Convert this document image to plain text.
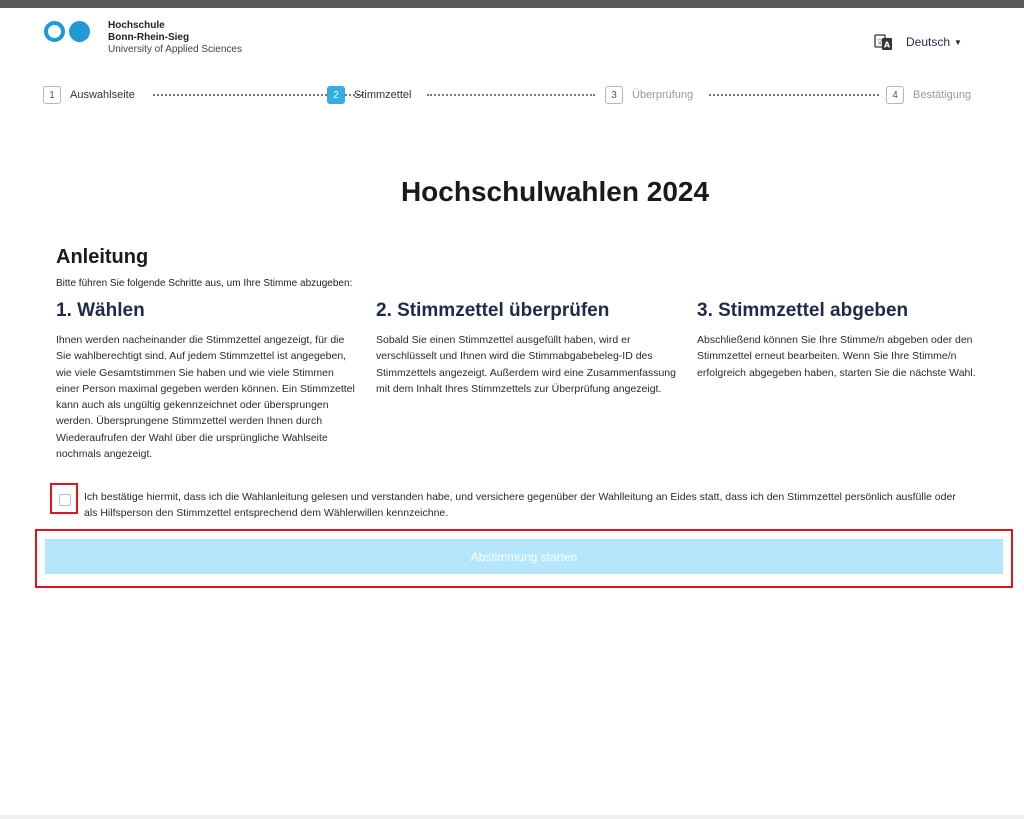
Hochschule
Bonn-Rhein-Sieg
University of Applied Sciences
文 A Deutsch ▼
1	Auswahlseite	2	Stimmzettel	3	Überprüfung	4	Bestätigung
Hochschulwahlen 2024
Anleitung

Bitte führen Sie folgende Schritte aus, um Ihre Stimme abzugeben:

1. Wählen

Ihnen werden nacheinander die Stimmzettel angezeigt, für die Sie wahlberechtigt sind. Auf jedem Stimmzettel ist angegeben, wie viele Gesamtstimmen Sie haben und wie viele Stimmen einer Person maximal gegeben werden können. Ein Stimmzettel kann auch als ungültig gekennzeichnet oder übersprungen werden. Übersprungene Stimmzettel werden Ihnen durch Wiederaufrufen der Wahl über die ursprüngliche Wahlseite nochmals angezeigt.

2. Stimmzettel überprüfen

Sobald Sie einen Stimmzettel ausgefüllt haben, wird er verschlüsselt und Ihnen wird die Stimmabgabebeleg-ID des Stimmzettels angezeigt. Außerdem wird eine Zusammenfassung mit dem Inhalt Ihres Stimmzettels zur Überprüfung angezeigt.

3. Stimmzettel abgeben

Abschließend können Sie Ihre Stimme/n abgeben oder den Stimmzettel erneut bearbeiten. Wenn Sie Ihre Stimme/n erfolgreich abgegeben haben, starten Sie die nächste Wahl.

Ich bestätige hiermit, dass ich die Wahlanleitung gelesen und verstanden habe, und versichere gegenüber der Wahlleitung an Eides statt, dass ich den Stimmzettel persönlich ausfülle oder als Hilfsperson den Stimmzettel entsprechend dem Wählerwillen kennzeichne.

Abstimmung starten
